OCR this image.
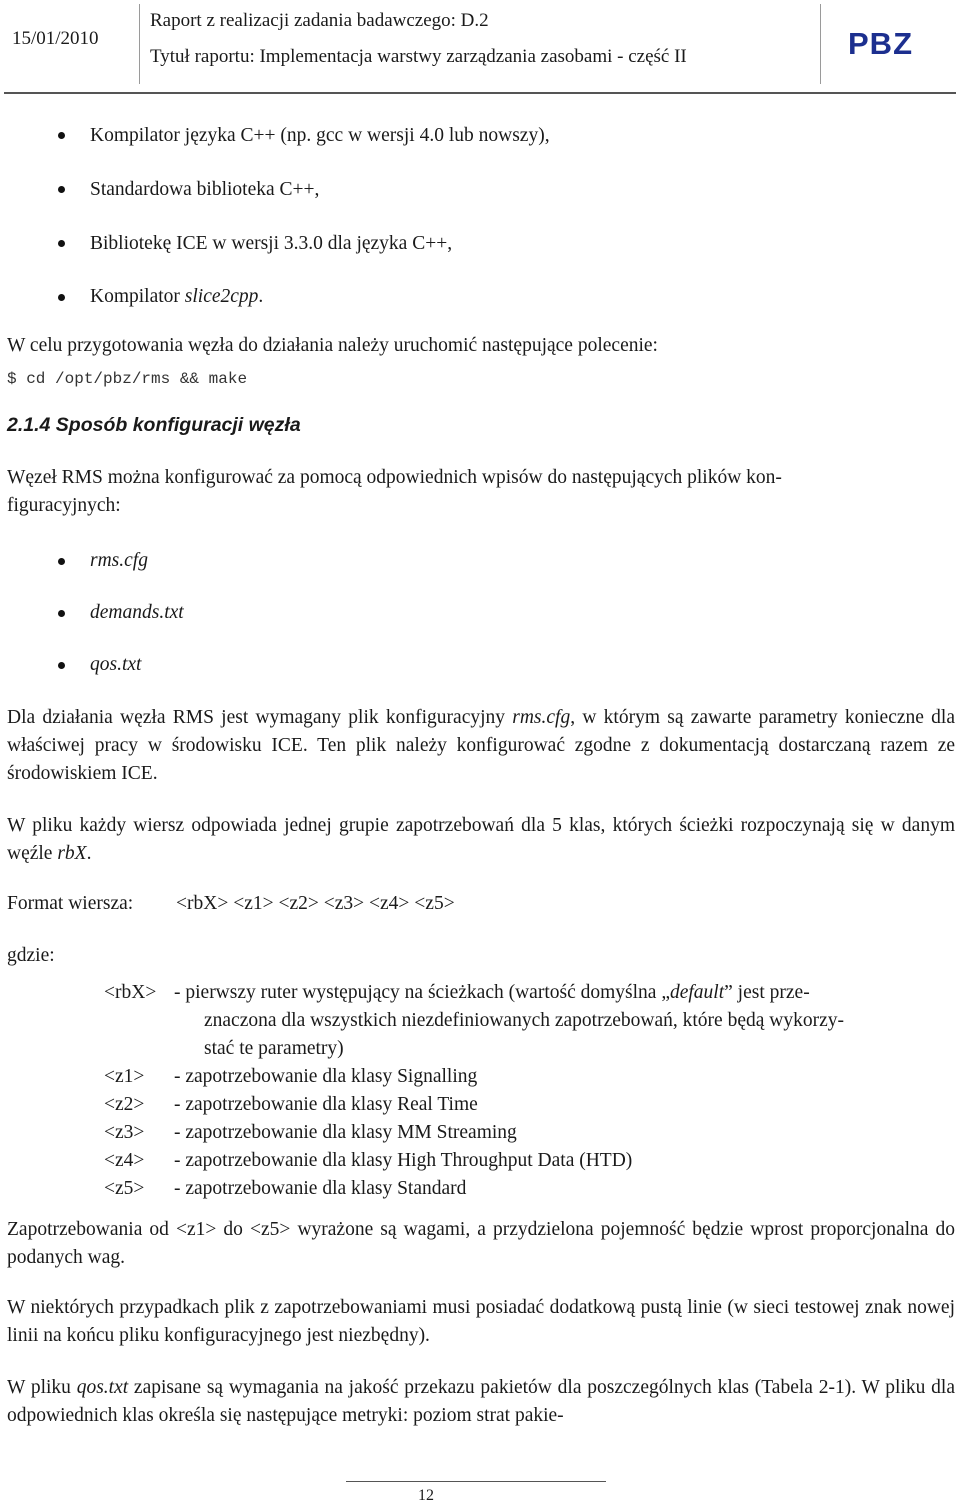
15/01/2010
Raport z realizacji zadania badawczego: D.2
Tytuł raportu: Implementacja warstwy zarządzania zasobami - część II	PBZ
Kompilator języka C++ (np. gcc w wersji 4.0 lub nowszy),
Standardowa biblioteka C++,
Bibliotekę ICE w wersji 3.3.0 dla języka C++,
Kompilator slice2cpp.
W celu przygotowania węzła do działania należy uruchomić następujące polecenie:
$ cd /opt/pbz/rms && make
2.1.4 Sposób konfiguracji węzła
Węzeł RMS można konfigurować za pomocą odpowiednich wpisów do następujących plików kon-
figuracyjnych:
rms.cfg
demands.txt
qos.txt
Dla działania węzła RMS jest wymagany plik konfiguracyjny rms.cfg, w którym są zawarte parametry konieczne dla właściwej pracy w środowisku ICE. Ten plik należy konfigurować zgodne z dokumentacją dostarczaną razem ze środowiskiem ICE.
W pliku każdy wiersz odpowiada jednej grupie zapotrzebowań dla 5 klas, których ścieżki rozpoczynają się w danym węźle rbX.
Format wiersza: <rbX> <z1> <z2> <z3> <z4> <z5>
gdzie:
<rbX> - pierwszy ruter występujący na ścieżkach (wartość domyślna „default” jest prze-
znaczona dla wszystkich niezdefiniowanych zapotrzebowań, które będą wykorzy-
stać te parametry)
<z1> - zapotrzebowanie dla klasy Signalling
<z2> - zapotrzebowanie dla klasy Real Time
<z3> - zapotrzebowanie dla klasy MM Streaming
<z4> - zapotrzebowanie dla klasy High Throughput Data (HTD)
<z5> - zapotrzebowanie dla klasy Standard
Zapotrzebowania od <z1> do <z5> wyrażone są wagami, a przydzielona pojemność będzie wprost proporcjonalna do podanych wag.
W niektórych przypadkach plik z zapotrzebowaniami musi posiadać dodatkową pustą linie (w sieci testowej znak nowej linii na końcu pliku konfiguracyjnego jest niezbędny).
W pliku qos.txt zapisane są wymagania na jakość przekazu pakietów dla poszczególnych klas (Tabela 2-1). W pliku dla odpowiednich klas określa się następujące metryki: poziom strat pakie-
12
